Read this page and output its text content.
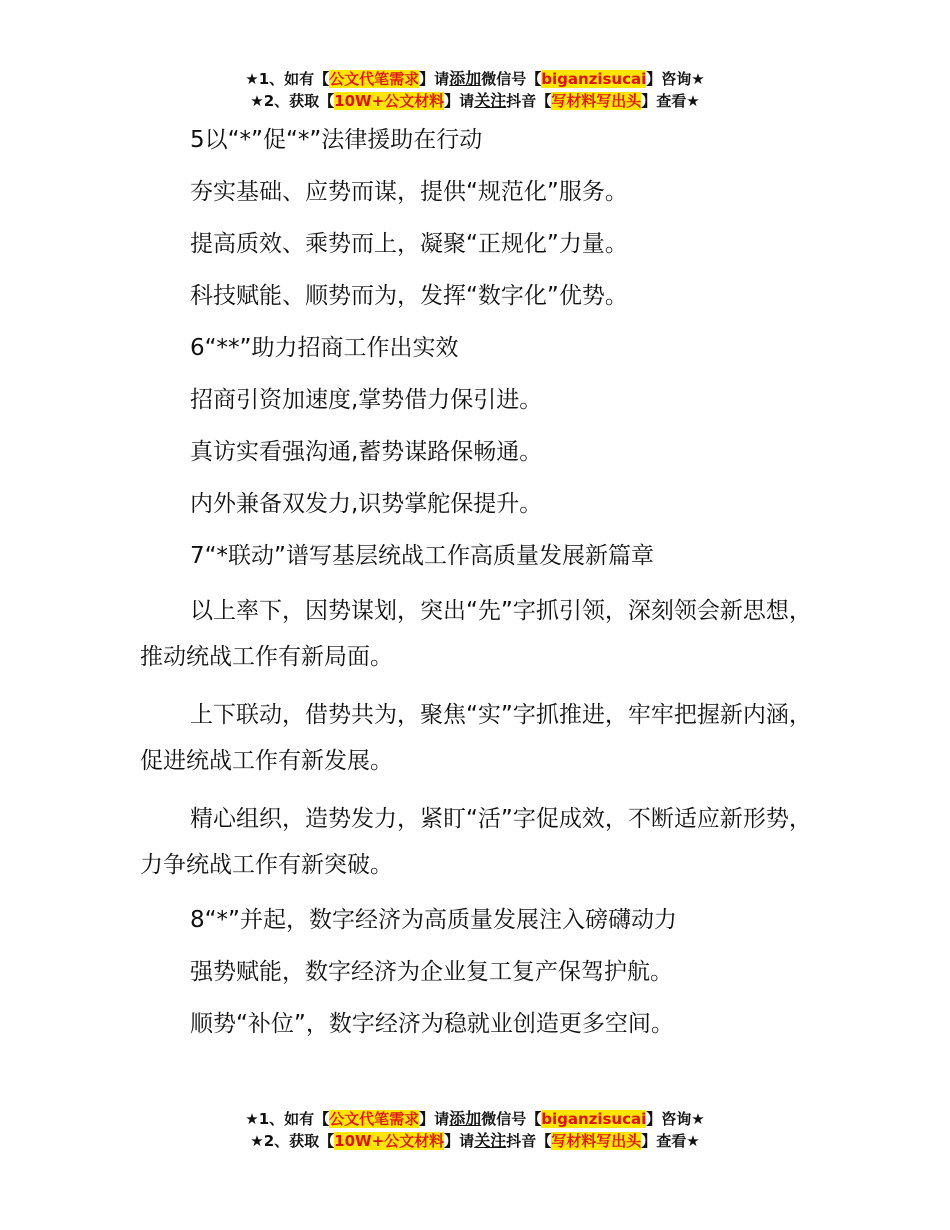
★1、如有【公文代笔需求】请添加微信号【biganzisucai】咨询★
★2、获取【10W+公文材料】请关注抖音【写材料写出头】查看★

5以“*”促“*”法律援助在行动

夯实基础、应势而谋，提供“规范化”服务。

提高质效、乘势而上，凝聚“正规化”力量。

科技赋能、顺势而为，发挥“数字化”优势。

6“**”助力招商工作出实效

招商引资加速度,掌势借力保引进。

真访实看强沟通,蓄势谋路保畅通。

内外兼备双发力,识势掌舵保提升。

7“*联动”谱写基层统战工作高质量发展新篇章

以上率下，因势谋划，突出“先”字抓引领，深刻领会新思想，推动统战工作有新局面。

上下联动，借势共为，聚焦“实”字抓推进，牢牢把握新内涵，促进统战工作有新发展。

精心组织，造势发力，紧盯“活”字促成效，不断适应新形势，力争统战工作有新突破。

8“*”并起，数字经济为高质量发展注入磅礴动力

强势赋能，数字经济为企业复工复产保驾护航。

顺势“补位”，数字经济为稳就业创造更多空间。

★1、如有【公文代笔需求】请添加微信号【biganzisucai】咨询★
★2、获取【10W+公文材料】请关注抖音【写材料写出头】查看★
